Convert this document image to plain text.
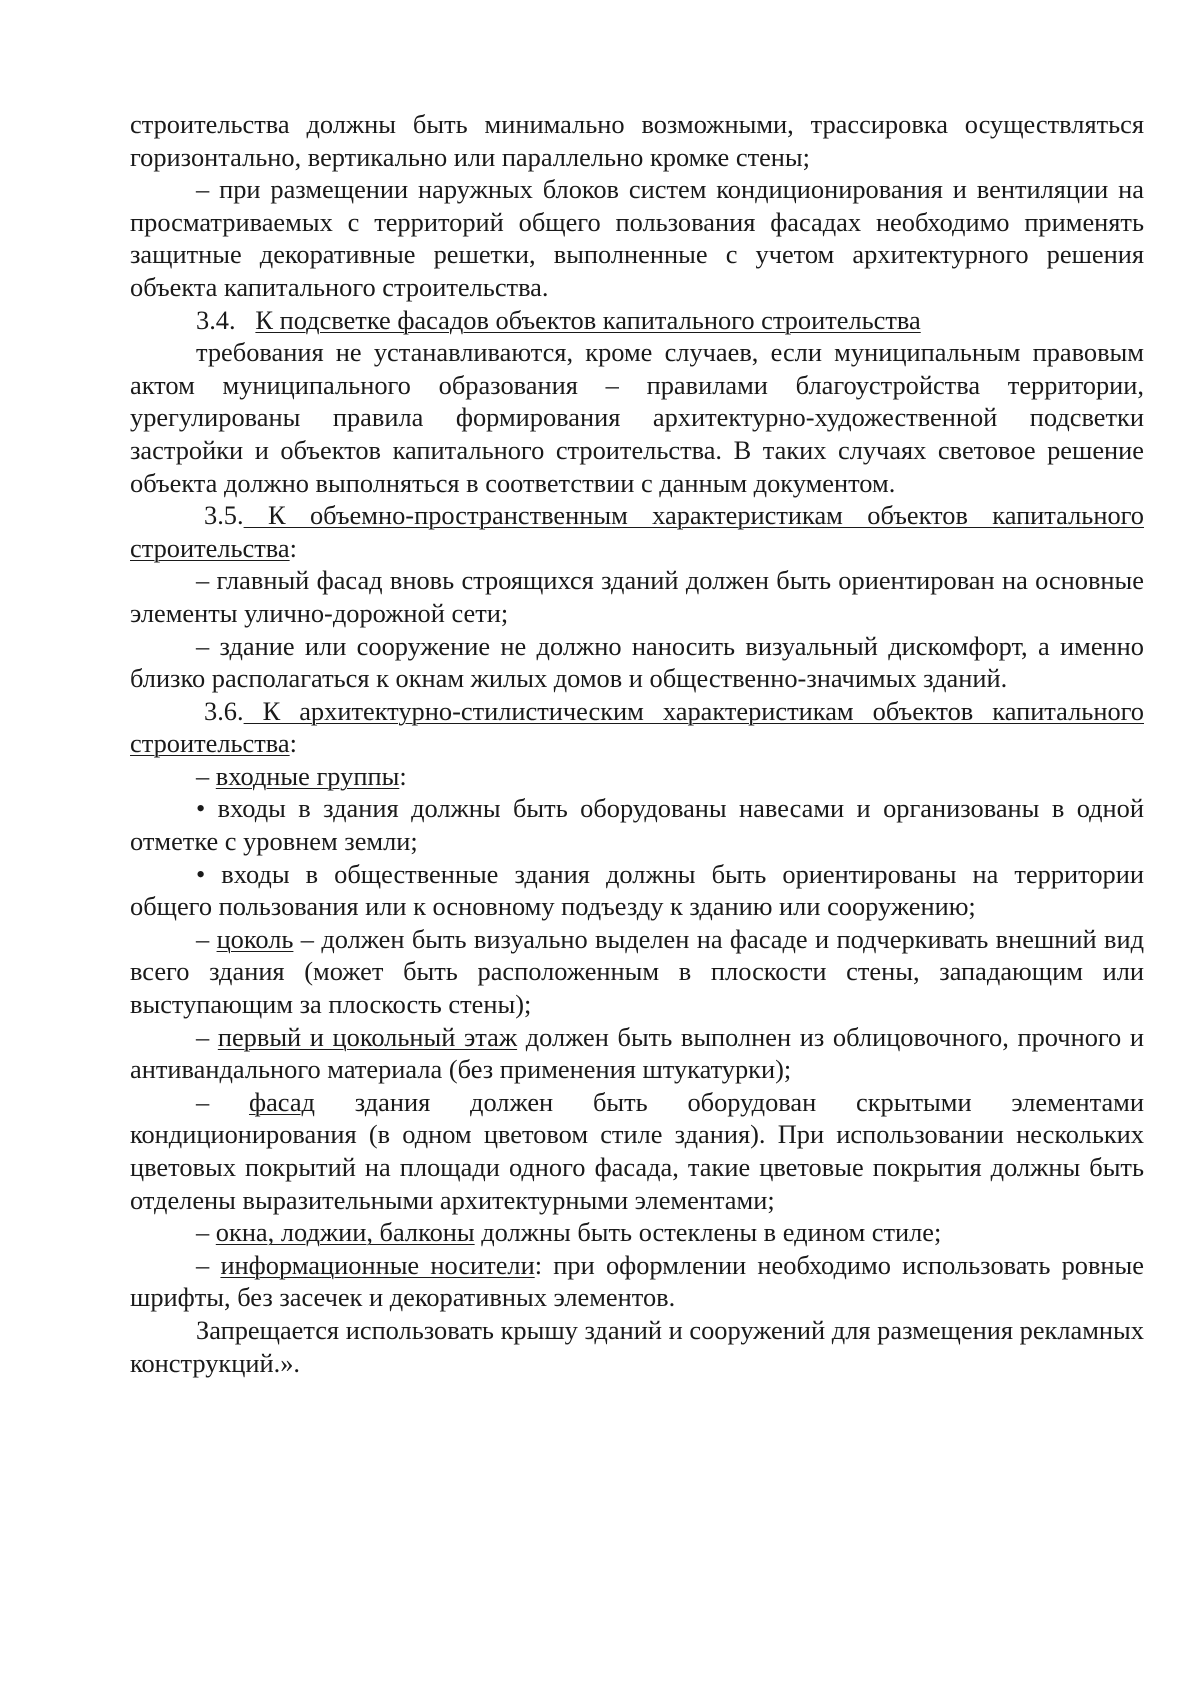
строительства должны быть минимально возможными, трассировка осуществляться горизонтально, вертикально или параллельно кромке стены;

– при размещении наружных блоков систем кондиционирования и вентиляции на просматриваемых с территорий общего пользования фасадах необходимо применять защитные декоративные решетки, выполненные с учетом архитектурного решения объекта капитального строительства.

3.4. К подсветке фасадов объектов капитального строительства

требования не устанавливаются, кроме случаев, если муниципальным правовым актом муниципального образования – правилами благоустройства территории, урегулированы правила формирования архитектурно-художественной подсветки застройки и объектов капитального строительства. В таких случаях световое решение объекта должно выполняться в соответствии с данным документом.

3.5. К объемно-пространственным характеристикам объектов капитального строительства:

– главный фасад вновь строящихся зданий должен быть ориентирован на основные элементы улично-дорожной сети;

– здание или сооружение не должно наносить визуальный дискомфорт, а именно близко располагаться к окнам жилых домов и общественно-значимых зданий.

3.6. К архитектурно-стилистическим характеристикам объектов капитального строительства:

– входные группы:

• входы в здания должны быть оборудованы навесами и организованы в одной отметке с уровнем земли;

• входы в общественные здания должны быть ориентированы на территории общего пользования или к основному подъезду к зданию или сооружению;

– цоколь – должен быть визуально выделен на фасаде и подчеркивать внешний вид всего здания (может быть расположенным в плоскости стены, западающим или выступающим за плоскость стены);

– первый и цокольный этаж должен быть выполнен из облицовочного, прочного и антивандального материала (без применения штукатурки);

– фасад здания должен быть оборудован скрытыми элементами кондиционирования (в одном цветовом стиле здания). При использовании нескольких цветовых покрытий на площади одного фасада, такие цветовые покрытия должны быть отделены выразительными архитектурными элементами;

– окна, лоджии, балконы должны быть остеклены в едином стиле;

– информационные носители: при оформлении необходимо использовать ровные шрифты, без засечек и декоративных элементов.

Запрещается использовать крышу зданий и сооружений для размещения рекламных конструкций.».
